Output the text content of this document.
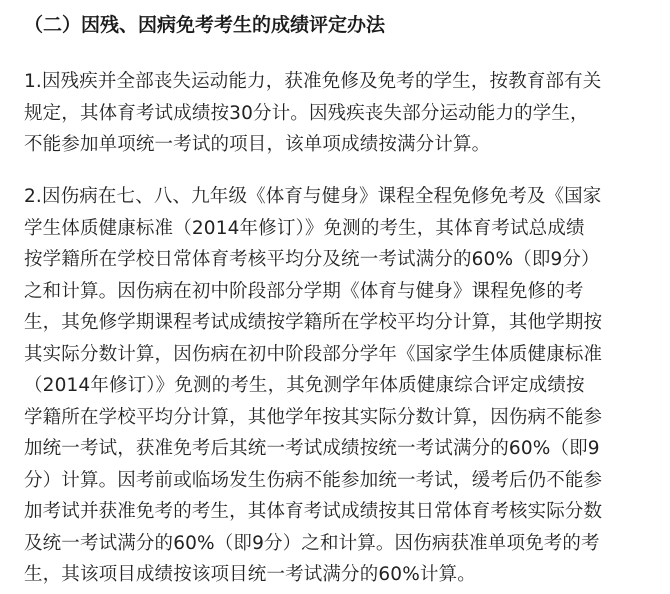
（二）因残、因病免考考生的成绩评定办法
1.因残疾并全部丧失运动能力，获准免修及免考的学生，按教育部有关
规定，其体育考试成绩按30分计。因残疾丧失部分运动能力的学生，
不能参加单项统一考试的项目，该单项成绩按满分计算。
2.因伤病在七、八、九年级《体育与健身》课程全程免修免考及《国家
学生体质健康标准（2014年修订）》免测的考生，其体育考试总成绩
按学籍所在学校日常体育考核平均分及统一考试满分的60%（即9分）
之和计算。因伤病在初中阶段部分学期《体育与健身》课程免修的考
生，其免修学期课程考试成绩按学籍所在学校平均分计算，其他学期按
其实际分数计算，因伤病在初中阶段部分学年《国家学生体质健康标准
（2014年修订）》免测的考生，其免测学年体质健康综合评定成绩按
学籍所在学校平均分计算，其他学年按其实际分数计算，因伤病不能参
加统一考试，获准免考后其统一考试成绩按统一考试满分的60%（即9
分）计算。因考前或临场发生伤病不能参加统一考试，缓考后仍不能参
加考试并获准免考的考生，其体育考试成绩按其日常体育考核实际分数
及统一考试满分的60%（即9分）之和计算。因伤病获准单项免考的考
生，其该项目成绩按该项目统一考试满分的60%计算。
